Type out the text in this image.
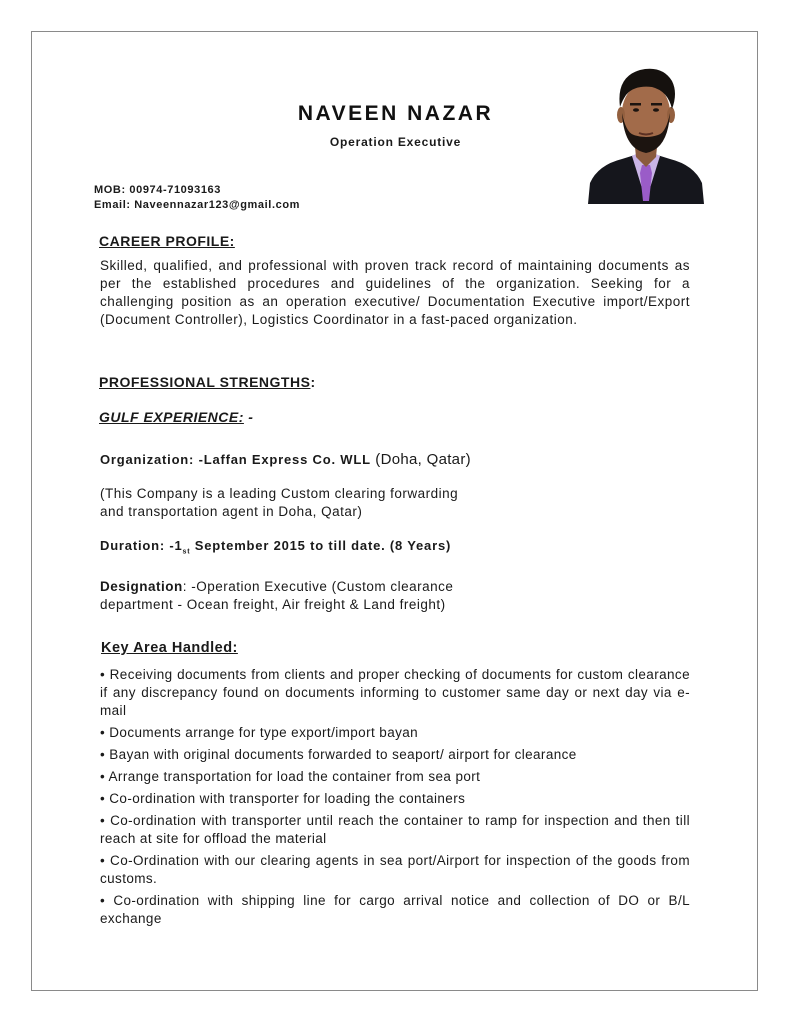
NAVEEN NAZAR
Operation Executive
MOB: 00974-71093163
Email: Naveennazar123@gmail.com
CAREER PROFILE:
Skilled, qualified, and professional with proven track record of maintaining documents as per the established procedures and guidelines of the organization. Seeking for a challenging position as an operation executive/ Documentation Executive import/Export (Document Controller), Logistics Coordinator in a fast-paced organization.
PROFESSIONAL STRENGTHS:
GULF EXPERIENCE: -
Organization: -Laffan Express Co. WLL (Doha, Qatar)
(This Company is a leading Custom clearing forwarding
and transportation agent in Doha, Qatar)
Duration: $-1_{st}$ September 2015 to till date. (8 Years)
Designation: -Operation Executive (Custom clearance
department - Ocean freight, Air freight & Land freight)
Key Area Handled:
• Receiving documents from clients and proper checking of documents for custom clearance if any discrepancy found on documents informing to customer same day or next day via e-mail
• Documents arrange for type export/import bayan
• Bayan with original documents forwarded to seaport/ airport for clearance
• Arrange transportation for load the container from sea port
• Co-ordination with transporter for loading the containers
• Co-ordination with transporter until reach the container to ramp for inspection and then till reach at site for offload the material
• Co-Ordination with our clearing agents in sea port/Airport for inspection of the goods from customs.
• Co-ordination with shipping line for cargo arrival notice and collection of DO or B/L exchange
